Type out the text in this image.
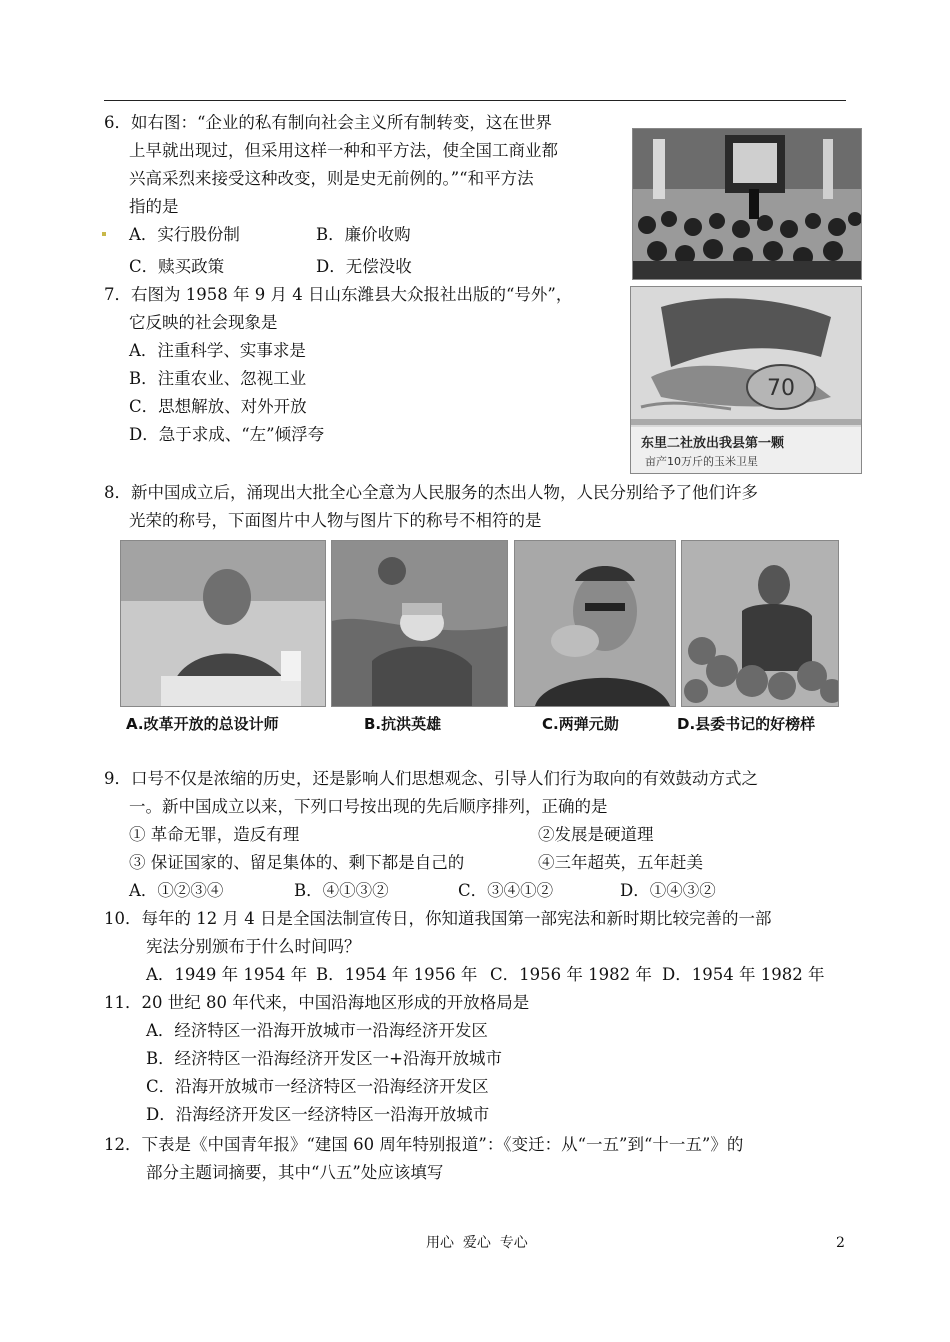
6．如右图：“企业的私有制向社会主义所有制转变，这在世界
上早就出现过，但采用这样一种和平方法，使全国工商业都
兴高采烈来接受这种改变，则是史无前例的。”“和平方法
指的是
A．实行股份制	B．廉价收购
C．赎买政策	D．无偿没收
7．右图为 1958 年 9 月 4 日山东潍县大众报社出版的“号外”，
它反映的社会现象是
A．注重科学、实事求是
B．注重农业、忽视工业
C．思想解放、对外开放
D．急于求成、“左”倾浮夸
70
东里二社放出我县第一颗
亩产10万斤的玉米卫星
8．新中国成立后，涌现出大批全心全意为人民服务的杰出人物，人民分别给予了他们许多
光荣的称号，下面图片中人物与图片下的称号不相符的是
A.改革开放的总设计师	B.抗洪英雄	C.两弹元勋	D.县委书记的好榜样
9．口号不仅是浓缩的历史，还是影响人们思想观念、引导人们行为取向的有效鼓动方式之
一。新中国成立以来，下列口号按出现的先后顺序排列，正确的是
① 革命无罪，造反有理	②发展是硬道理
③ 保证国家的、留足集体的、剩下都是自己的	④三年超英，五年赶美
A．①②③④	B．④①③②	C．③④①②	D．①④③②
10．每年的 12 月 4 日是全国法制宣传日，你知道我国第一部宪法和新时期比较完善的一部
宪法分别颁布于什么时间吗？
A．1949 年 1954 年 B．1954 年 1956 年 C．1956 年 1982 年 D．1954 年 1982 年
11．20 世纪 80 年代来，中国沿海地区形成的开放格局是
A．经济特区一沿海开放城市一沿海经济开发区
B．经济特区一沿海经济开发区一+沿海开放城市
C．沿海开放城市一经济特区一沿海经济开发区
D．沿海经济开发区一经济特区一沿海开放城市
12．下表是《中国青年报》“建国 60 周年特别报道”：《变迁：从“一五”到“十一五”》的
部分主题词摘要，其中“八五”处应该填写
用心  爱心  专心	2
